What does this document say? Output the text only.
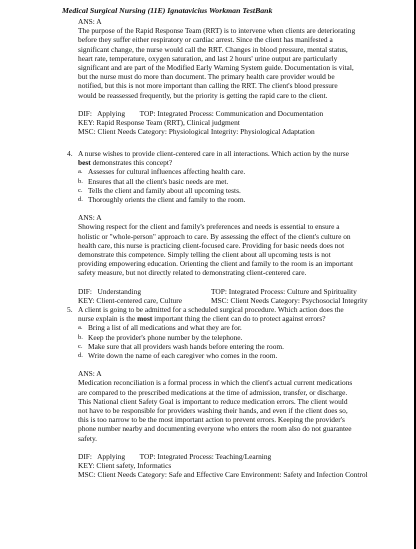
Medical Surgical Nursing (11E) Ignatavicius Workman TestBank
ANS: A
The purpose of the Rapid Response Team (RRT) is to intervene when clients are deteriorating
before they suffer either respiratory or cardiac arrest. Since the client has manifested a
significant change, the nurse would call the RRT. Changes in blood pressure, mental status,
heart rate, temperature, oxygen saturation, and last 2 hours' urine output are particularly
significant and are part of the Modified Early Warning System guide. Documentation is vital,
but the nurse must do more than document. The primary health care provider would be
notified, but this is not more important than calling the RRT. The client's blood pressure
would be reassessed frequently, but the priority is getting the rapid care to the client.
DIF:   Applying        TOP: Integrated Process: Communication and Documentation
KEY: Rapid Response Team (RRT), Clinical judgment
MSC: Client Needs Category: Physiological Integrity: Physiological Adaptation
4. A nurse wishes to provide client-centered care in all interactions. Which action by the nurse
best demonstrates this concept?
a. Assesses for cultural influences affecting health care.
b. Ensures that all the client's basic needs are met.
c. Tells the client and family about all upcoming tests.
d. Thoroughly orients the client and family to the room.
ANS: A
Showing respect for the client and family's preferences and needs is essential to ensure a
holistic or "whole-person" approach to care. By assessing the effect of the client's culture on
health care, this nurse is practicing client-focused care. Providing for basic needs does not
demonstrate this competence. Simply telling the client about all upcoming tests is not
providing empowering education. Orienting the client and family to the room is an important
safety measure, but not directly related to demonstrating client-centered care.
DIF:   Understanding	TOP: Integrated Process: Culture and Spirituality
KEY: Client-centered care, Culture	MSC: Client Needs Category: Psychosocial Integrity
5. A client is going to be admitted for a scheduled surgical procedure. Which action does the
nurse explain is the most important thing the client can do to protect against errors?
a. Bring a list of all medications and what they are for.
b. Keep the provider's phone number by the telephone.
c. Make sure that all providers wash hands before entering the room.
d. Write down the name of each caregiver who comes in the room.
ANS: A
Medication reconciliation is a formal process in which the client's actual current medications
are compared to the prescribed medications at the time of admission, transfer, or discharge.
This National client Safety Goal is important to reduce medication errors. The client would
not have to be responsible for providers washing their hands, and even if the client does so,
this is too narrow to be the most important action to prevent errors. Keeping the provider's
phone number nearby and documenting everyone who enters the room also do not guarantee
safety.
DIF:   Applying        TOP: Integrated Process: Teaching/Learning
KEY: Client safety, Informatics
MSC: Client Needs Category: Safe and Effective Care Environment: Safety and Infection Control
